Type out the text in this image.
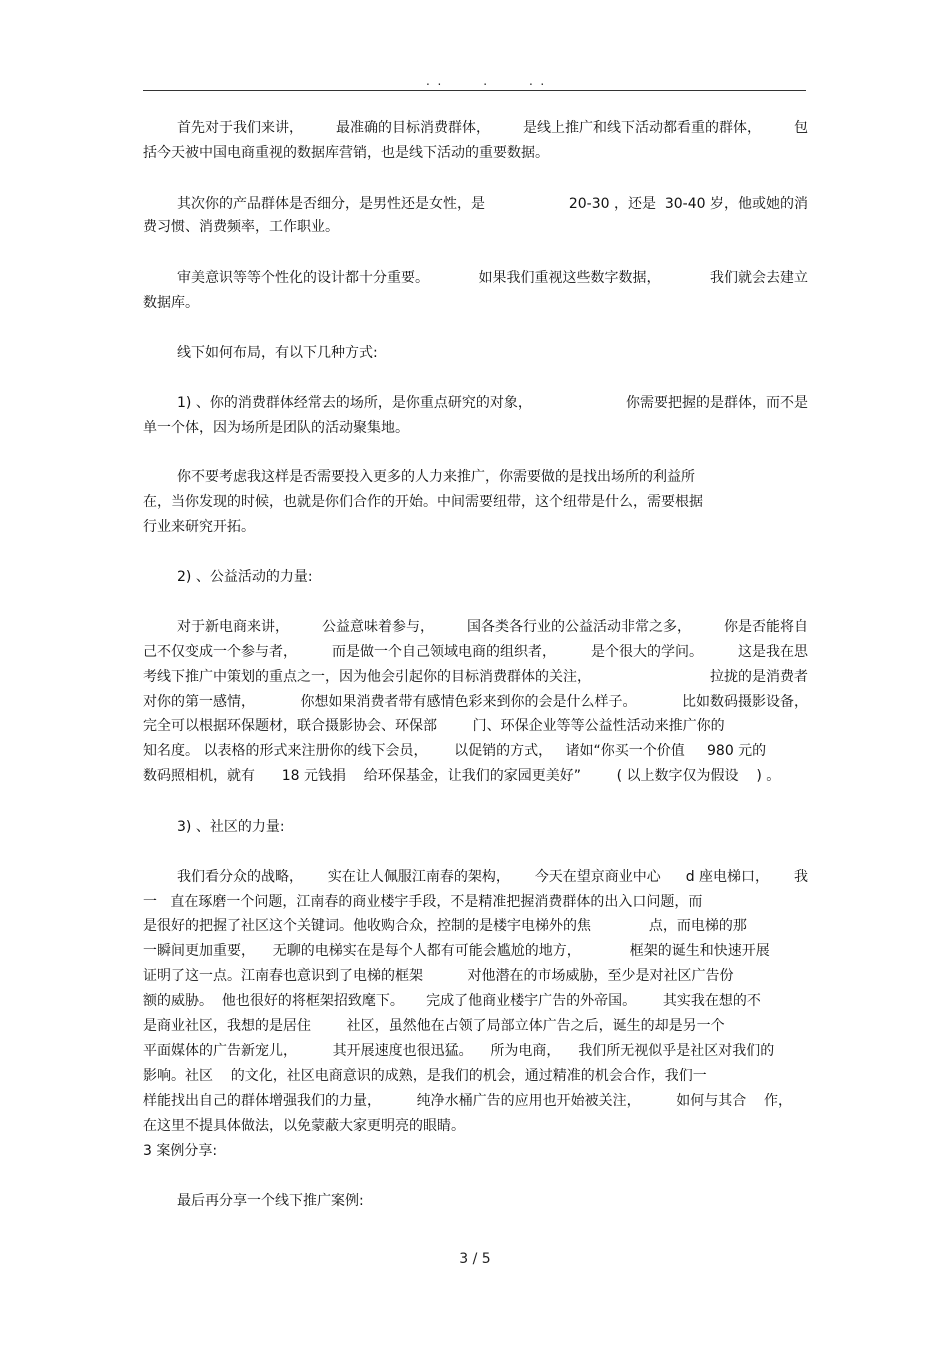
.  .           .           .  .
首先对于我们来讲， 最准确的目标消费群体， 是线上推广和线下活动都看重的群体， 包
括今天被中国电商重视的数据库营销，也是线下活动的重要数据。
其次你的产品群体是否细分，是男性还是女性，是	20-30 ，还是  30-40 岁，他或她的消
费习惯、消费频率，工作职业。
审美意识等等个性化的设计都十分重要。	如果我们重视这些数字数据，	我们就会去建立
数据库。
线下如何布局，有以下几种方式:
1) 、你的消费群体经常去的场所，是你重点研究的对象，	你需要把握的是群体，而不是
单一个体，因为场所是团队的活动聚集地。
你不要考虑我这样是否需要投入更多的人力来推广，你需要做的是找出场所的利益所
在，当你发现的时候，也就是你们合作的开始。中间需要纽带，这个纽带是什么，需要根据
行业来研究开拓。
2) 、公益活动的力量:
对于新电商来讲， 公益意味着参与， 国各类各行业的公益活动非常之多， 你是否能将自
己不仅变成一个参与者，	而是做一个自己领域电商的组织者，	是个很大的学问。	这是我在思
考线下推广中策划的重点之一，因为他会引起你的目标消费群体的关注，	拉拢的是消费者
对你的第一感情，	你想如果消费者带有感情色彩来到你的会是什么样子。	比如数码摄影设备，
完全可以根据环保题材，联合摄影协会、环保部        门、环保企业等等公益性活动来推广你的
知名度。 以表格的形式来注册你的线下会员，      以促销的方式，   诸如“你买一个价值     980 元的
数码照相机，就有      18 元钱捐    给环保基金，让我们的家园更美好”        ( 以上数字仅为假设    ) 。
3) 、社区的力量:
我们看分众的战略， 实在让人佩服江南春的架构， 今天在望京商业中心 d 座电梯口， 我
一   直在琢磨一个问题，江南春的商业楼宇手段，不是精准把握消费群体的出入口问题，而
是很好的把握了社区这个关键词。他收购合众，控制的是楼宇电梯外的焦             点，而电梯的那
一瞬间更加重要，    无聊的电梯实在是每个人都有可能会尴尬的地方，           框架的诞生和快速开展
证明了这一点。江南春也意识到了电梯的框架          对他潜在的市场威胁，至少是对社区广告份
额的威胁。  他也很好的将框架招致麾下。     完成了他商业楼宇广告的外帝国。      其实我在想的不
是商业社区，我想的是居住        社区，虽然他在占领了局部立体广告之后，诞生的却是另一个
平面媒体的广告新宠儿，        其开展速度也很迅猛。    所为电商，    我们所无视似乎是社区对我们的
影响。社区    的文化，社区电商意识的成熟，是我们的机会，通过精准的机会合作，我们一
样能找出自己的群体增强我们的力量，        纯净水桶广告的应用也开始被关注，        如何与其合    作，
在这里不提具体做法，以免蒙蔽大家更明亮的眼睛。
3 案例分享:
最后再分享一个线下推广案例:
3 / 5
